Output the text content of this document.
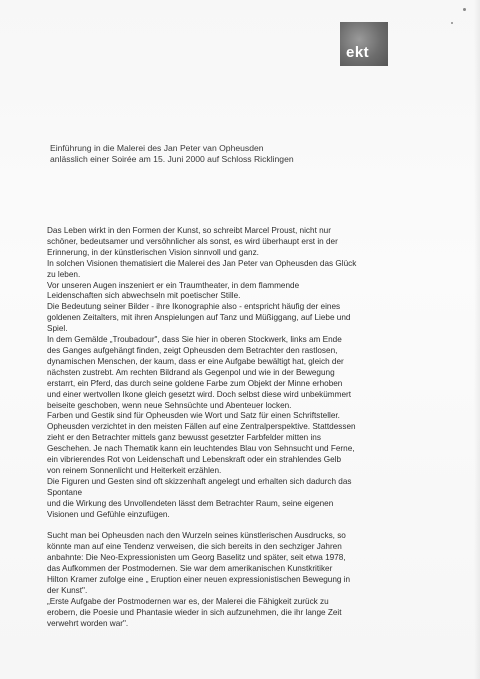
ekt
Einführung in die Malerei des Jan Peter van Opheusden
anlässlich einer Soirée am 15. Juni 2000 auf Schloss Ricklingen
Das Leben wirkt in den Formen der Kunst, so schreibt Marcel Proust, nicht nur
schöner, bedeutsamer und versöhnlicher als sonst, es wird überhaupt erst in der
Erinnerung, in der künstlerischen Vision sinnvoll und ganz.
In solchen Visionen thematisiert die Malerei des Jan Peter van Opheusden das Glück
zu leben.
Vor unseren Augen inszeniert er ein Traumtheater, in dem flammende
Leidenschaften sich abwechseln mit poetischer Stille.
Die Bedeutung seiner Bilder - ihre Ikonographie also - entspricht häufig der eines
goldenen Zeitalters, mit ihren Anspielungen auf Tanz und Müßiggang, auf Liebe und
Spiel.
In dem Gemälde „Troubadour", dass Sie hier in oberen Stockwerk, links am Ende
des Ganges aufgehängt finden, zeigt Opheusden dem Betrachter den rastlosen,
dynamischen Menschen, der kaum, dass er eine Aufgabe bewältigt hat, gleich der
nächsten zustrebt. Am rechten Bildrand als Gegenpol und wie in der Bewegung
erstarrt, ein Pferd, das durch seine goldene Farbe zum Objekt der Minne erhoben
und einer wertvollen Ikone gleich gesetzt wird. Doch selbst diese wird unbekümmert
beiseite geschoben, wenn neue Sehnsüchte und Abenteuer locken.
Farben und Gestik sind für Opheusden wie Wort und Satz für einen Schriftsteller.
Opheusden verzichtet in den meisten Fällen auf eine Zentralperspektive. Stattdessen
zieht er den Betrachter mittels ganz bewusst gesetzter Farbfelder mitten ins
Geschehen. Je nach Thematik kann ein leuchtendes Blau von Sehnsucht und Ferne,
ein vibrierendes Rot von Leidenschaft und Lebenskraft oder ein strahlendes Gelb
von reinem Sonnenlicht und Heiterkeit erzählen.
Die Figuren und Gesten sind oft skizzenhaft angelegt und erhalten sich dadurch das
Spontane
und die Wirkung des Unvollendeten lässt dem Betrachter Raum, seine eigenen
Visionen und Gefühle einzufügen.
Sucht man bei Opheusden nach den Wurzeln seines künstlerischen Ausdrucks, so
könnte man auf eine Tendenz verweisen, die sich bereits in den sechziger Jahren
anbahnte: Die Neo-Expressionisten um Georg Baselitz und später, seit etwa 1978,
das Aufkommen der Postmodernen. Sie war dem amerikanischen Kunstkritiker
Hilton Kramer zufolge eine „ Eruption einer neuen expressionistischen Bewegung in
der Kunst".
„Erste Aufgabe der Postmodernen war es, der Malerei die Fähigkeit zurück zu
erobern, die Poesie und Phantasie wieder in sich aufzunehmen, die ihr lange Zeit
verwehrt worden war".
